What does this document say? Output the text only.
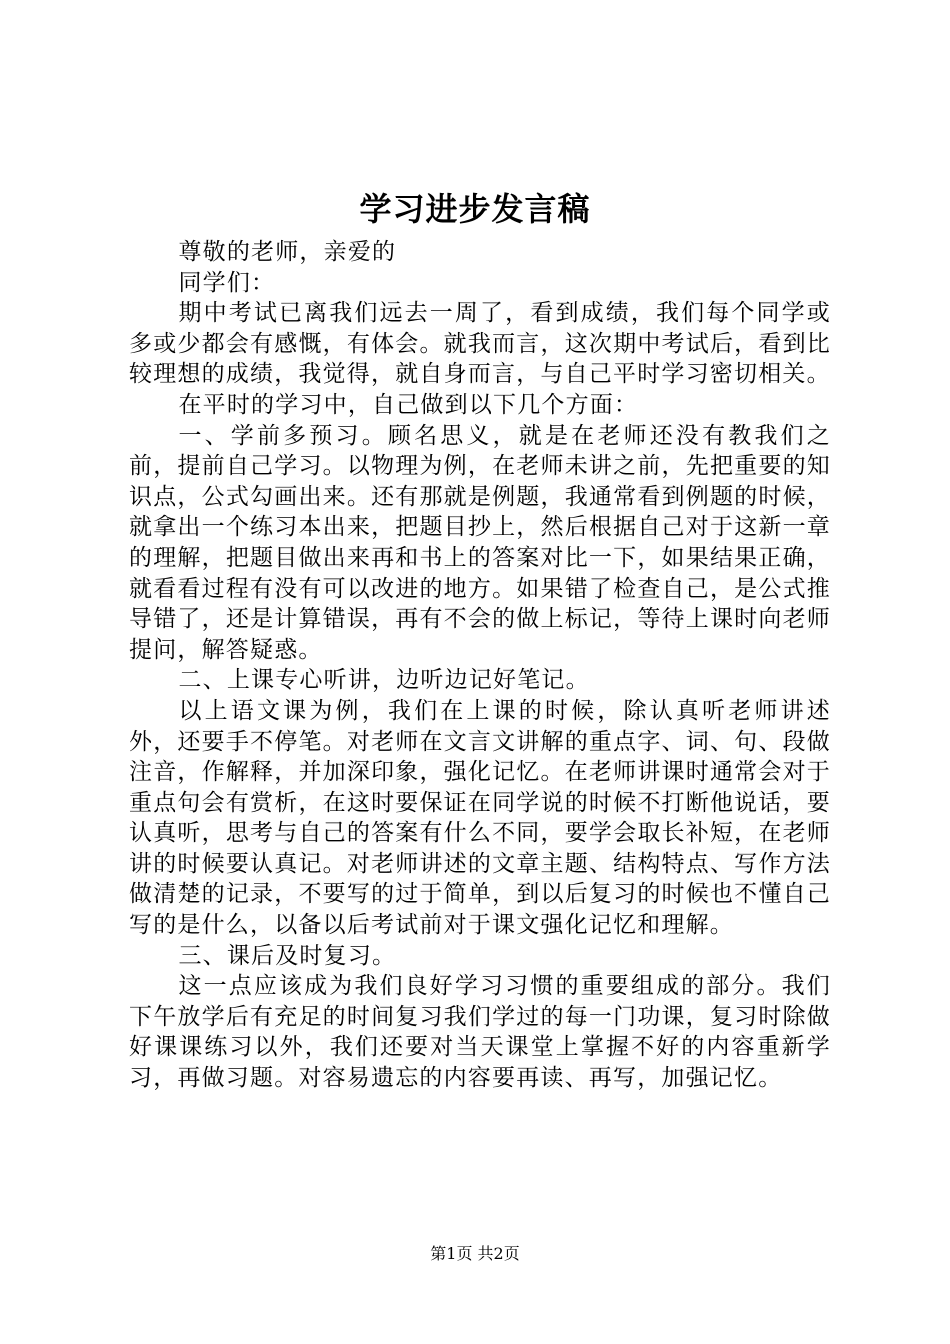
学习进步发言稿

尊敬的老师，亲爱的

同学们：

期中考试已离我们远去一周了，看到成绩，我们每个同学或多或少都会有感慨，有体会。就我而言，这次期中考试后，看到比较理想的成绩，我觉得，就自身而言，与自己平时学习密切相关。

在平时的学习中，自己做到以下几个方面：

一、学前多预习。顾名思义，就是在老师还没有教我们之前，提前自己学习。以物理为例，在老师未讲之前，先把重要的知识点，公式勾画出来。还有那就是例题，我通常看到例题的时候，就拿出一个练习本出来，把题目抄上，然后根据自己对于这新一章的理解，把题目做出来再和书上的答案对比一下，如果结果正确，就看看过程有没有可以改进的地方。如果错了检查自己，是公式推导错了，还是计算错误，再有不会的做上标记，等待上课时向老师提问，解答疑惑。

二、上课专心听讲，边听边记好笔记。

以上语文课为例，我们在上课的时候，除认真听老师讲述外，还要手不停笔。对老师在文言文讲解的重点字、词、句、段做注音，作解释，并加深印象，强化记忆。在老师讲课时通常会对于重点句会有赏析，在这时要保证在同学说的时候不打断他说话，要认真听，思考与自己的答案有什么不同，要学会取长补短，在老师讲的时候要认真记。对老师讲述的文章主题、结构特点、写作方法做清楚的记录，不要写的过于简单，到以后复习的时候也不懂自己写的是什么，以备以后考试前对于课文强化记忆和理解。

三、课后及时复习。

这一点应该成为我们良好学习习惯的重要组成的部分。我们下午放学后有充足的时间复习我们学过的每一门功课，复习时除做好课课练习以外，我们还要对当天课堂上掌握不好的内容重新学习，再做习题。对容易遗忘的内容要再读、再写，加强记忆。

第1页 共2页
